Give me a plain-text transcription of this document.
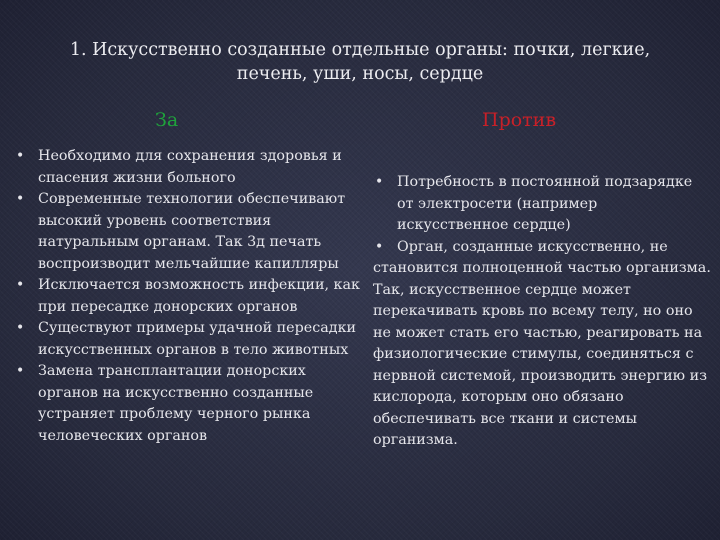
1. Искусственно созданные отдельные органы: почки, легкие,
печень, уши, носы, сердце
За	Против
• Необходимо для сохранения здоровья и спасения жизни больного
• Современные технологии обеспечивают высокий уровень соответствия натуральным органам. Так 3д печать воспроизводит мельчайшие капилляры
• Исключается возможность инфекции, как при пересадке донорских органов
• Существуют примеры удачной пересадки искусственных органов в тело животных
• Замена трансплантации донорских органов на искусственно созданные устраняет проблему черного рынка человеческих органов
• Потребность в постоянной подзарядке от электросети (например искусственное сердце)
• Орган, созданные искусственно, не
становится полноценной частью организма. Так, искусственное сердце может перекачивать кровь по всему телу, но оно не может стать его частью, реагировать на физиологические стимулы, соединяться с нервной системой, производить энергию из кислорода, которым оно обязано обеспечивать все ткани и системы организма.
